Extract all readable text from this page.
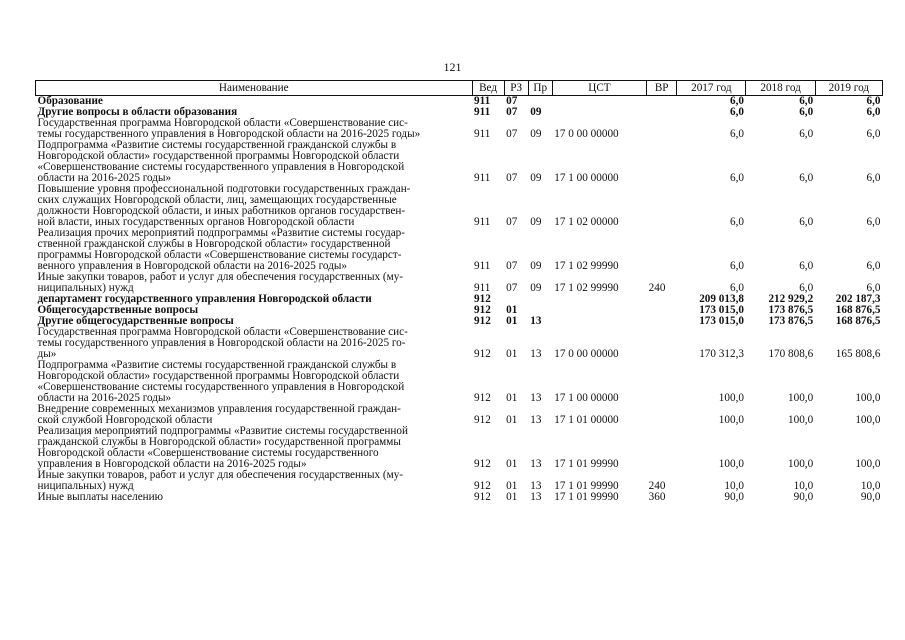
121
Наименование	Вед	РЗ	Пр	ЦСТ	ВР	2017 год	2018 год	2019 год

Образование	911	07				6,0	6,0	6,0

Другие вопросы в области образования	911	07	09			6,0	6,0	6,0

Государственная программа Новгородской области «Совершенствование сис-
темы государственного управления в Новгородской области на 2016-2025 годы»	911	07	09	17 0 00 00000		6,0	6,0	6,0

Подпрограмма «Развитие системы государственной гражданской службы в
Новгородской области» государственной программы Новгородской области
«Совершенствование системы государственного управления в Новгородской
области на 2016-2025 годы»	911	07	09	17 1 00 00000		6,0	6,0	6,0

Повышение уровня профессиональной подготовки государственных граждан-
ских служащих Новгородской области, лиц, замещающих государственные
должности Новгородской области, и иных работников органов государствен-
ной власти, иных государственных органов Новгородской области	911	07	09	17 1 02 00000		6,0	6,0	6,0

Реализация прочих мероприятий подпрограммы «Развитие системы государ-
ственной гражданской службы в Новгородской области» государственной
программы Новгородской области «Совершенствование системы государст-
венного управления в Новгородской области на 2016-2025 годы»	911	07	09	17 1 02 99990		6,0	6,0	6,0

Иные закупки товаров, работ и услуг для обеспечения государственных (му-
ниципальных) нужд	911	07	09	17 1 02 99990	240	6,0	6,0	6,0

департамент государственного управления Новгородской области	912					209 013,8	212 929,2	202 187,3

Общегосударственные вопросы	912	01				173 015,0	173 876,5	168 876,5

Другие общегосударственные вопросы	912	01	13			173 015,0	173 876,5	168 876,5

Государственная программа Новгородской области «Совершенствование сис-
темы государственного управления в Новгородской области на 2016-2025 го-
ды»	912	01	13	17 0 00 00000		170 312,3	170 808,6	165 808,6

Подпрограмма «Развитие системы государственной гражданской службы в
Новгородской области» государственной программы Новгородской области
«Совершенствование системы государственного управления в Новгородской
области на 2016-2025 годы»	912	01	13	17 1 00 00000		100,0	100,0	100,0

Внедрение современных механизмов управления государственной граждан-
ской службой Новгородской области	912	01	13	17 1 01 00000		100,0	100,0	100,0

Реализация мероприятий подпрограммы «Развитие системы государственной
гражданской службы в Новгородской области» государственной программы
Новгородской области «Совершенствование системы государственного
управления в Новгородской области на 2016-2025 годы»	912	01	13	17 1 01 99990		100,0	100,0	100,0

Иные закупки товаров, работ и услуг для обеспечения государственных (му-
ниципальных) нужд	912	01	13	17 1 01 99990	240	10,0	10,0	10,0

Иные выплаты населению	912	01	13	17 1 01 99990	360	90,0	90,0	90,0
